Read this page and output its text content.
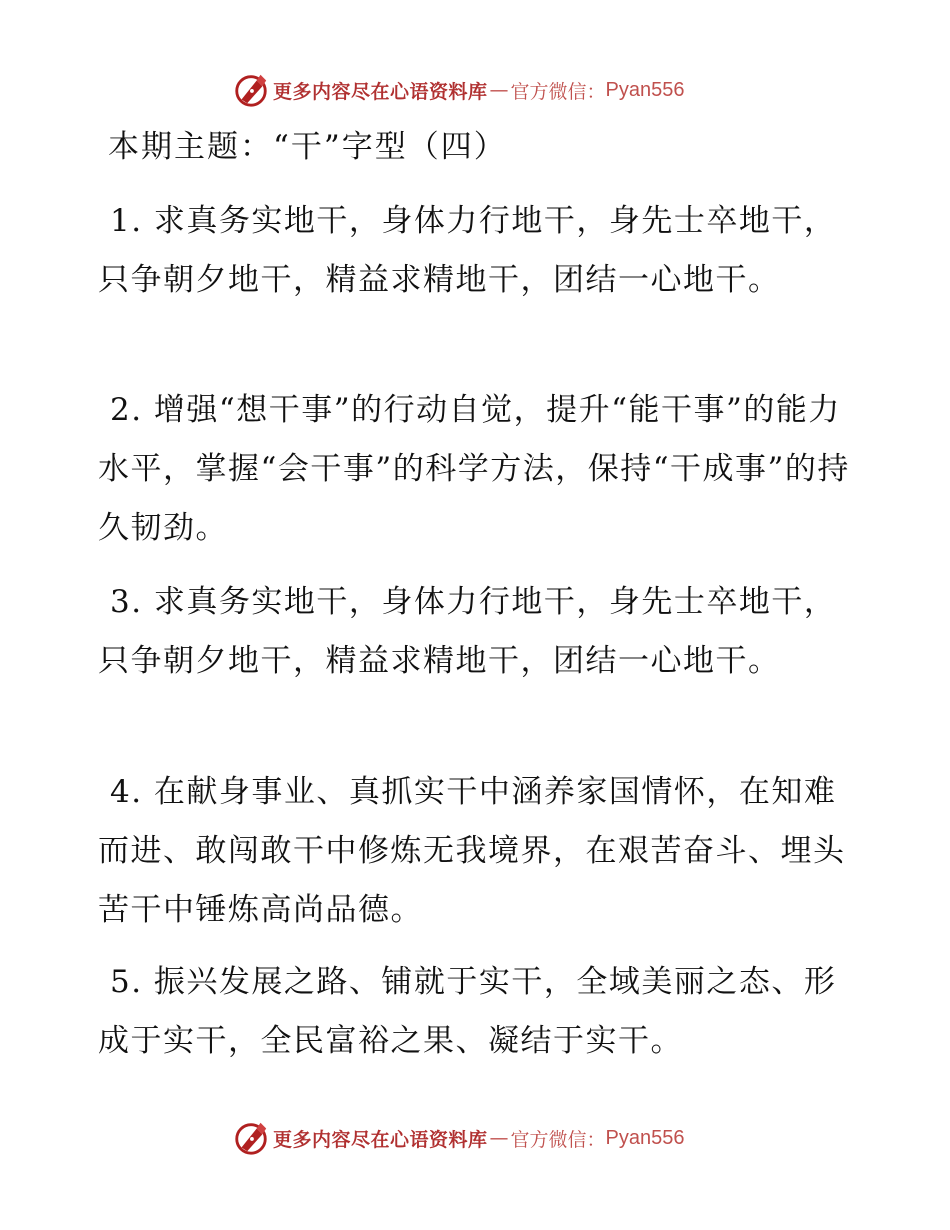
更多内容尽在心语资料库 — 官方微信： Pyan556
本期主题：“干”字型（四）

1. 求真务实地干，身体力行地干，身先士卒地干，只争朝夕地干，精益求精地干，团结一心地干。

2. 增强“想干事”的行动自觉，提升“能干事”的能力水平，掌握“会干事”的科学方法，保持“干成事”的持久韧劲。

3. 求真务实地干，身体力行地干，身先士卒地干，只争朝夕地干，精益求精地干，团结一心地干。

4. 在献身事业、真抓实干中涵养家国情怀，在知难而进、敢闯敢干中修炼无我境界，在艰苦奋斗、埋头苦干中锤炼高尚品德。

5. 振兴发展之路、铺就于实干，全域美丽之态、形成于实干，全民富裕之果、凝结于实干。

更多内容尽在心语资料库 — 官方微信： Pyan556
